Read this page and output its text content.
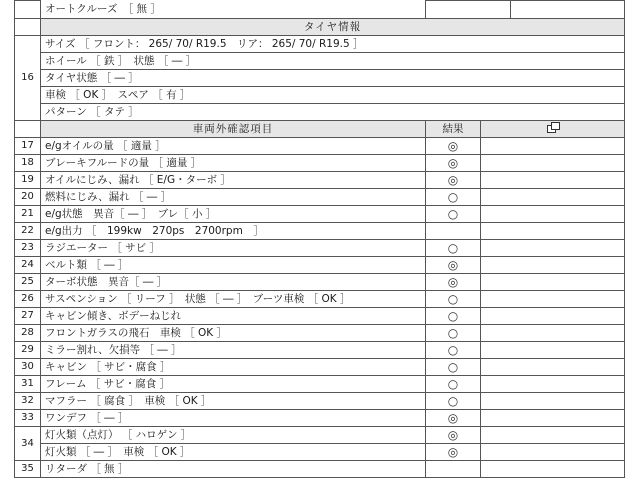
	オートクルーズ　［ 無 ］			
	タイヤ情報			
16	サイズ ［ フロント： 265/ 70/ R19.5　リア： 265/ 70/ R19.5 ］			
	ホイール ［ 鉄 ］　状態 ［ ― ］			
	タイヤ状態 ［ ― ］			
	車検 ［ OK ］　スペア ［ 有 ］			
	パターン ［ タテ ］			
	車両外確認項目	結果		
17	e/gオイルの量 ［ 適量 ］	◎		
18	ブレーキフルードの量 ［ 適量 ］	◎		
19	オイルにじみ、漏れ ［ E/G・ターボ ］	◎		
20	燃料にじみ、漏れ ［ ― ］	○		
21	e/g状態　異音［ ― ］　ブレ［ 小 ］	○		
22	e/g出力 ［　199kw　270ps　2700rpm　］			
23	ラジエーター ［ サビ ］	○		
24	ベルト類 ［ ― ］	◎		
25	ターボ状態　異音［ ― ］	◎		
26	サスペンション ［ リーフ ］　状態 ［ ― ］　ブーツ車検 ［ OK ］	○		
27	キャビン傾き、ボデーねじれ	○		
28	フロントガラスの飛石　車検 ［ OK ］	○		
29	ミラー割れ、欠損等 ［ ― ］	○		
30	キャビン ［ サビ・腐食 ］	○		
31	フレーム ［ サビ・腐食 ］	○		
32	マフラー ［ 腐食 ］　車検 ［ OK ］	○		
33	ワンデフ ［ ― ］	◎		
34	灯火類（点灯） ［ ハロゲン ］	◎		
	灯火類 ［ ― ］　車検 ［ OK ］	◎		
35	リターダ ［ 無 ］			
